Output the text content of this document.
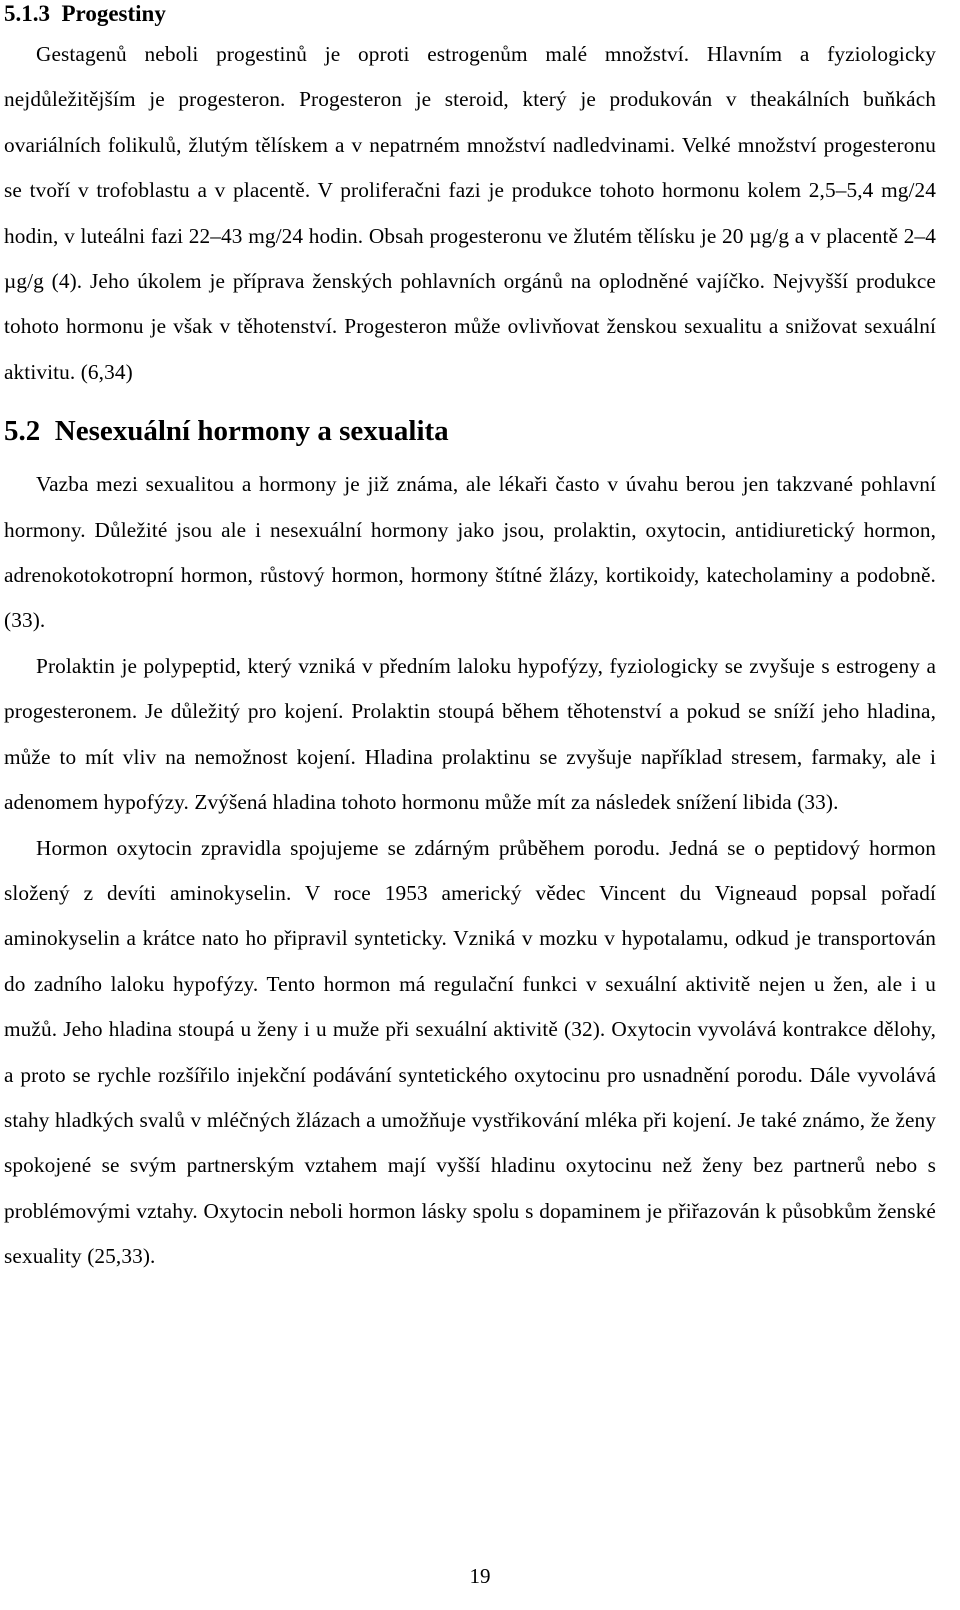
5.1.3 Progestiny

Gestagenů neboli progestinů je oproti estrogenům malé množství. Hlavním a fyziologicky nejdůležitějším je progesteron. Progesteron je steroid, který je produkován v theakálních buňkách ovariálních folikulů, žlutým tělískem a v nepatrném množství nadledvinami. Velké množství progesteronu se tvoří v trofoblastu a v placentě. V proliferačni fazi je produkce tohoto hormonu kolem 2,5–5,4 mg/24 hodin, v luteálni fazi 22–43 mg/24 hodin. Obsah progesteronu ve žlutém tělísku je 20 µg/g a v placentě 2–4 µg/g (4). Jeho úkolem je příprava ženských pohlavních orgánů na oplodněné vajíčko. Nejvyšší produkce tohoto hormonu je však v těhotenství. Progesteron může ovlivňovat ženskou sexualitu a snižovat sexuální aktivitu. (6,34)

5.2 Nesexuální hormony a sexualita

Vazba mezi sexualitou a hormony je již známa, ale lékaři často v úvahu berou jen takzvané pohlavní hormony. Důležité jsou ale i nesexuální hormony jako jsou, prolaktin, oxytocin, antidiuretický hormon, adrenokotokotropní hormon, růstový hormon, hormony štítné žlázy, kortikoidy, katecholaminy a podobně. (33).

Prolaktin je polypeptid, který vzniká v předním laloku hypofýzy, fyziologicky se zvyšuje s estrogeny a progesteronem. Je důležitý pro kojení. Prolaktin stoupá během těhotenství a pokud se sníží jeho hladina, může to mít vliv na nemožnost kojení. Hladina prolaktinu se zvyšuje například stresem, farmaky, ale i adenomem hypofýzy. Zvýšená hladina tohoto hormonu může mít za následek snížení libida (33).

Hormon oxytocin zpravidla spojujeme se zdárným průběhem porodu. Jedná se o peptidový hormon složený z devíti aminokyselin. V roce 1953 americký vědec Vincent du Vigneaud popsal pořadí aminokyselin a krátce nato ho připravil synteticky. Vzniká v mozku v hypotalamu, odkud je transportován do zadního laloku hypofýzy. Tento hormon má regulační funkci v sexuální aktivitě nejen u žen, ale i u mužů. Jeho hladina stoupá u ženy i u muže při sexuální aktivitě (32). Oxytocin vyvolává kontrakce dělohy, a proto se rychle rozšířilo injekční podávání syntetického oxytocinu pro usnadnění porodu. Dále vyvolává stahy hladkých svalů v mléčných žlázach a umožňuje vystřikování mléka při kojení. Je také známo, že ženy spokojené se svým partnerským vztahem mají vyšší hladinu oxytocinu než ženy bez partnerů nebo s problémovými vztahy. Oxytocin neboli hormon lásky spolu s dopaminem je přiřazován k působkům ženské sexuality (25,33).

19
